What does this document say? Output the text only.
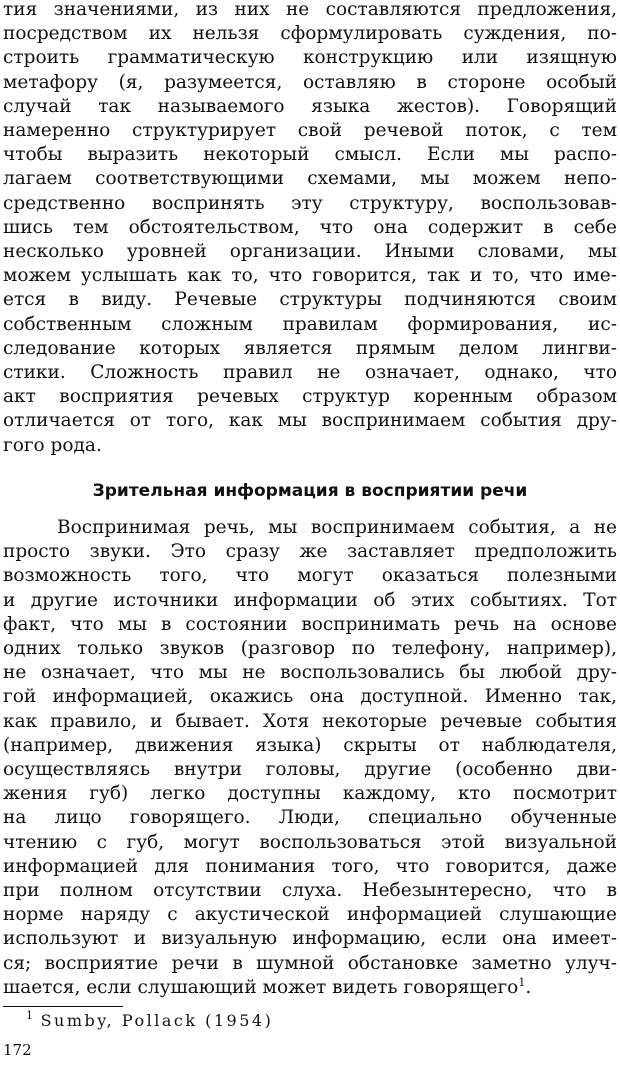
тия значениями, из них не составляются предложения,
посредством их нельзя сформулировать суждения, по-
строить грамматическую конструкцию или изящную
метафору (я, разумеется, оставляю в стороне особый
случай так называемого языка жестов). Говорящий
намеренно структурирует свой речевой поток, с тем
чтобы выразить некоторый смысл. Если мы распо-
лагаем соответствующими схемами, мы можем непо-
средственно воспринять эту структуру, воспользовав-
шись тем обстоятельством, что она содержит в себе
несколько уровней организации. Иными словами, мы
можем услышать как то, что говорится, так и то, что име-
ется в виду. Речевые структуры подчиняются своим
собственным сложным правилам формирования, ис-
следование которых является прямым делом лингви-
стики. Сложность правил не означает, однако, что
акт восприятия речевых структур коренным образом
отличается от того, как мы воспринимаем события дру-
гого рода.
Зрительная информация в восприятии речи
Воспринимая речь, мы воспринимаем события, а не
просто звуки. Это сразу же заставляет предположить
возможность того, что могут оказаться полезными
и другие источники информации об этих событиях. Тот
факт, что мы в состоянии воспринимать речь на основе
одних только звуков (разговор по телефону, например),
не означает, что мы не воспользовались бы любой дру-
гой информацией, окажись она доступной. Именно так,
как правило, и бывает. Хотя некоторые речевые события
(например, движения языка) скрыты от наблюдателя,
осуществляясь внутри головы, другие (особенно дви-
жения губ) легко доступны каждому, кто посмотрит
на лицо говорящего. Люди, специально обученные
чтению с губ, могут воспользоваться этой визуальной
информацией для понимания того, что говорится, даже
при полном отсутствии слуха. Небезынтересно, что в
норме наряду с акустической информацией слушающие
используют и визуальную информацию, если она имеет-
ся; восприятие речи в шумной обстановке заметно улуч-
шается, если слушающий может видеть говорящего$^1$.
$^1$ Sumby, Pollack (1954)
172
